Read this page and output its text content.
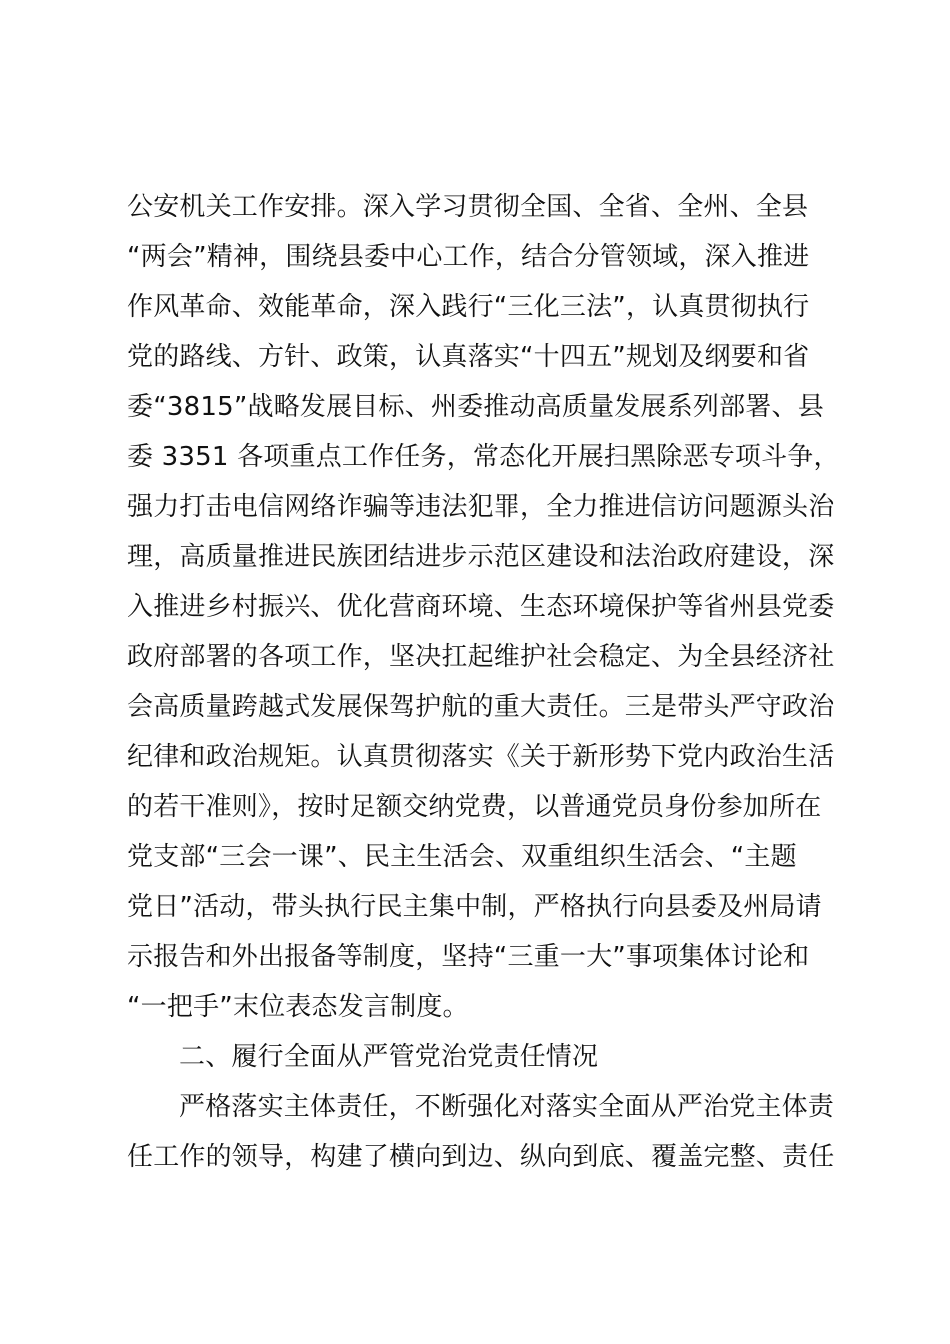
公安机关工作安排。深入学习贯彻全国、全省、全州、全县
“两会”精神，围绕县委中心工作，结合分管领域，深入推进
作风革命、效能革命，深入践行“三化三法”，认真贯彻执行
党的路线、方针、政策，认真落实“十四五”规划及纲要和省
委“3815”战略发展目标、州委推动高质量发展系列部署、县
委 3351 各项重点工作任务，常态化开展扫黑除恶专项斗争，
强力打击电信网络诈骗等违法犯罪，全力推进信访问题源头治
理，高质量推进民族团结进步示范区建设和法治政府建设，深
入推进乡村振兴、优化营商环境、生态环境保护等省州县党委
政府部署的各项工作，坚决扛起维护社会稳定、为全县经济社
会高质量跨越式发展保驾护航的重大责任。三是带头严守政治
纪律和政治规矩。认真贯彻落实《关于新形势下党内政治生活
的若干准则》，按时足额交纳党费，以普通党员身份参加所在
党支部“三会一课”、民主生活会、双重组织生活会、“主题
党日”活动，带头执行民主集中制，严格执行向县委及州局请
示报告和外出报备等制度，坚持“三重一大”事项集体讨论和
“一把手”末位表态发言制度。
二、履行全面从严管党治党责任情况
严格落实主体责任，不断强化对落实全面从严治党主体责
任工作的领导，构建了横向到边、纵向到底、覆盖完整、责任
